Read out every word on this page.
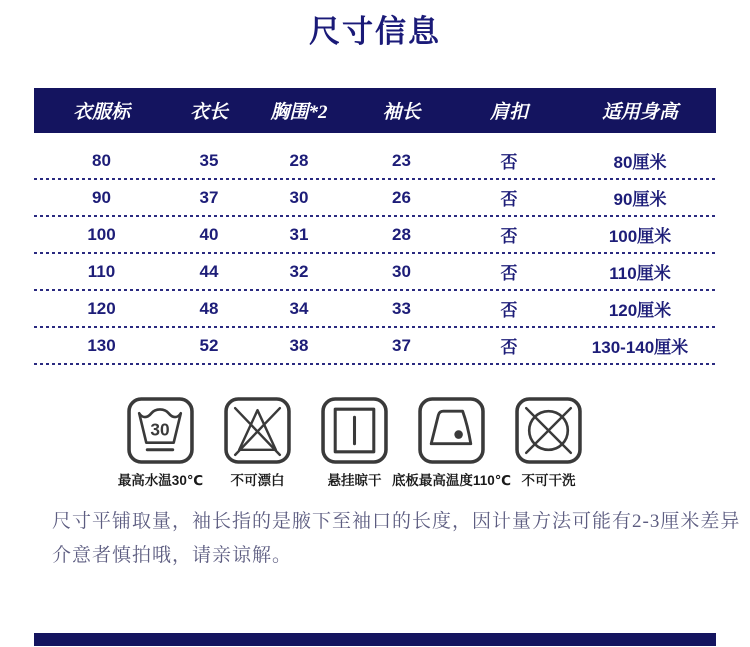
尺寸信息
衣服标	衣长	胸围*2	袖长	肩扣	适用身高
80	35	28	23	否	80厘米
90	37	30	26	否	90厘米
100	40	31	28	否	100厘米
110	44	32	30	否	110厘米
120	48	34	33	否	120厘米
130	52	38	37	否	130-140厘米
30
最高水温30℃ 不可漂白	悬挂晾干 底板最高温度110℃ 不可干洗
尺寸平铺取量，袖长指的是腋下至袖口的长度，因计量方法可能有2-3厘米差异
介意者慎拍哦，请亲谅解。
